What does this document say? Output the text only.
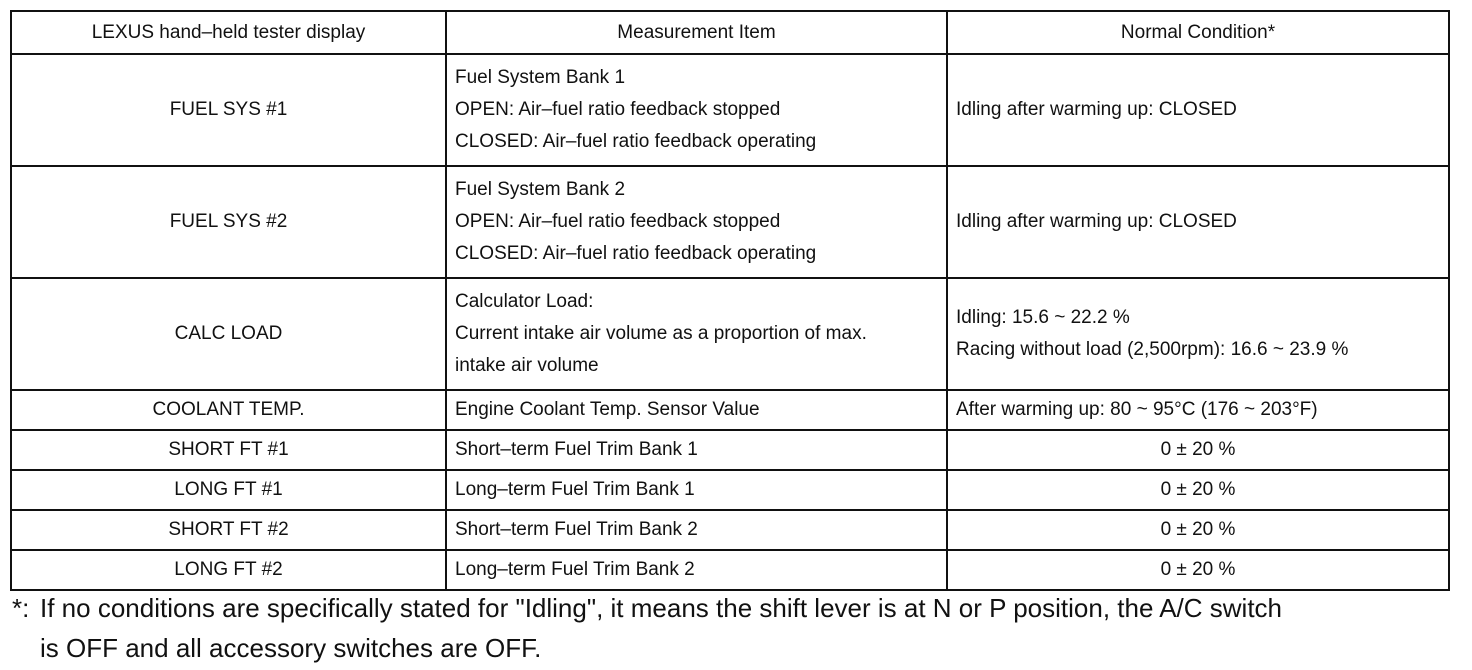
LEXUS hand–held tester display	Measurement Item	Normal Condition*
FUEL SYS #1	Fuel System Bank 1
OPEN: Air–fuel ratio feedback stopped
CLOSED: Air–fuel ratio feedback operating	Idling after warming up: CLOSED

FUEL SYS #2	Fuel System Bank 2
OPEN: Air–fuel ratio feedback stopped
CLOSED: Air–fuel ratio feedback operating	Idling after warming up: CLOSED

CALC LOAD	Calculator Load:
Current intake air volume as a proportion of max.
intake air volume	Idling: 15.6 ~ 22.2 %
Racing without load (2,500rpm): 16.6 ~ 23.9 %

COOLANT TEMP.	Engine Coolant Temp. Sensor Value	After warming up: 80 ~ 95°C (176 ~ 203°F)
SHORT FT #1	Short–term Fuel Trim Bank 1	0 ± 20 %
LONG FT #1	Long–term Fuel Trim Bank 1	0 ± 20 %
SHORT FT #2	Short–term Fuel Trim Bank 2	0 ± 20 %
LONG FT #2	Long–term Fuel Trim Bank 2	0 ± 20 %
*: If no conditions are specifically stated for "Idling", it means the shift lever is at N or P position, the A/C switch
is OFF and all accessory switches are OFF.
